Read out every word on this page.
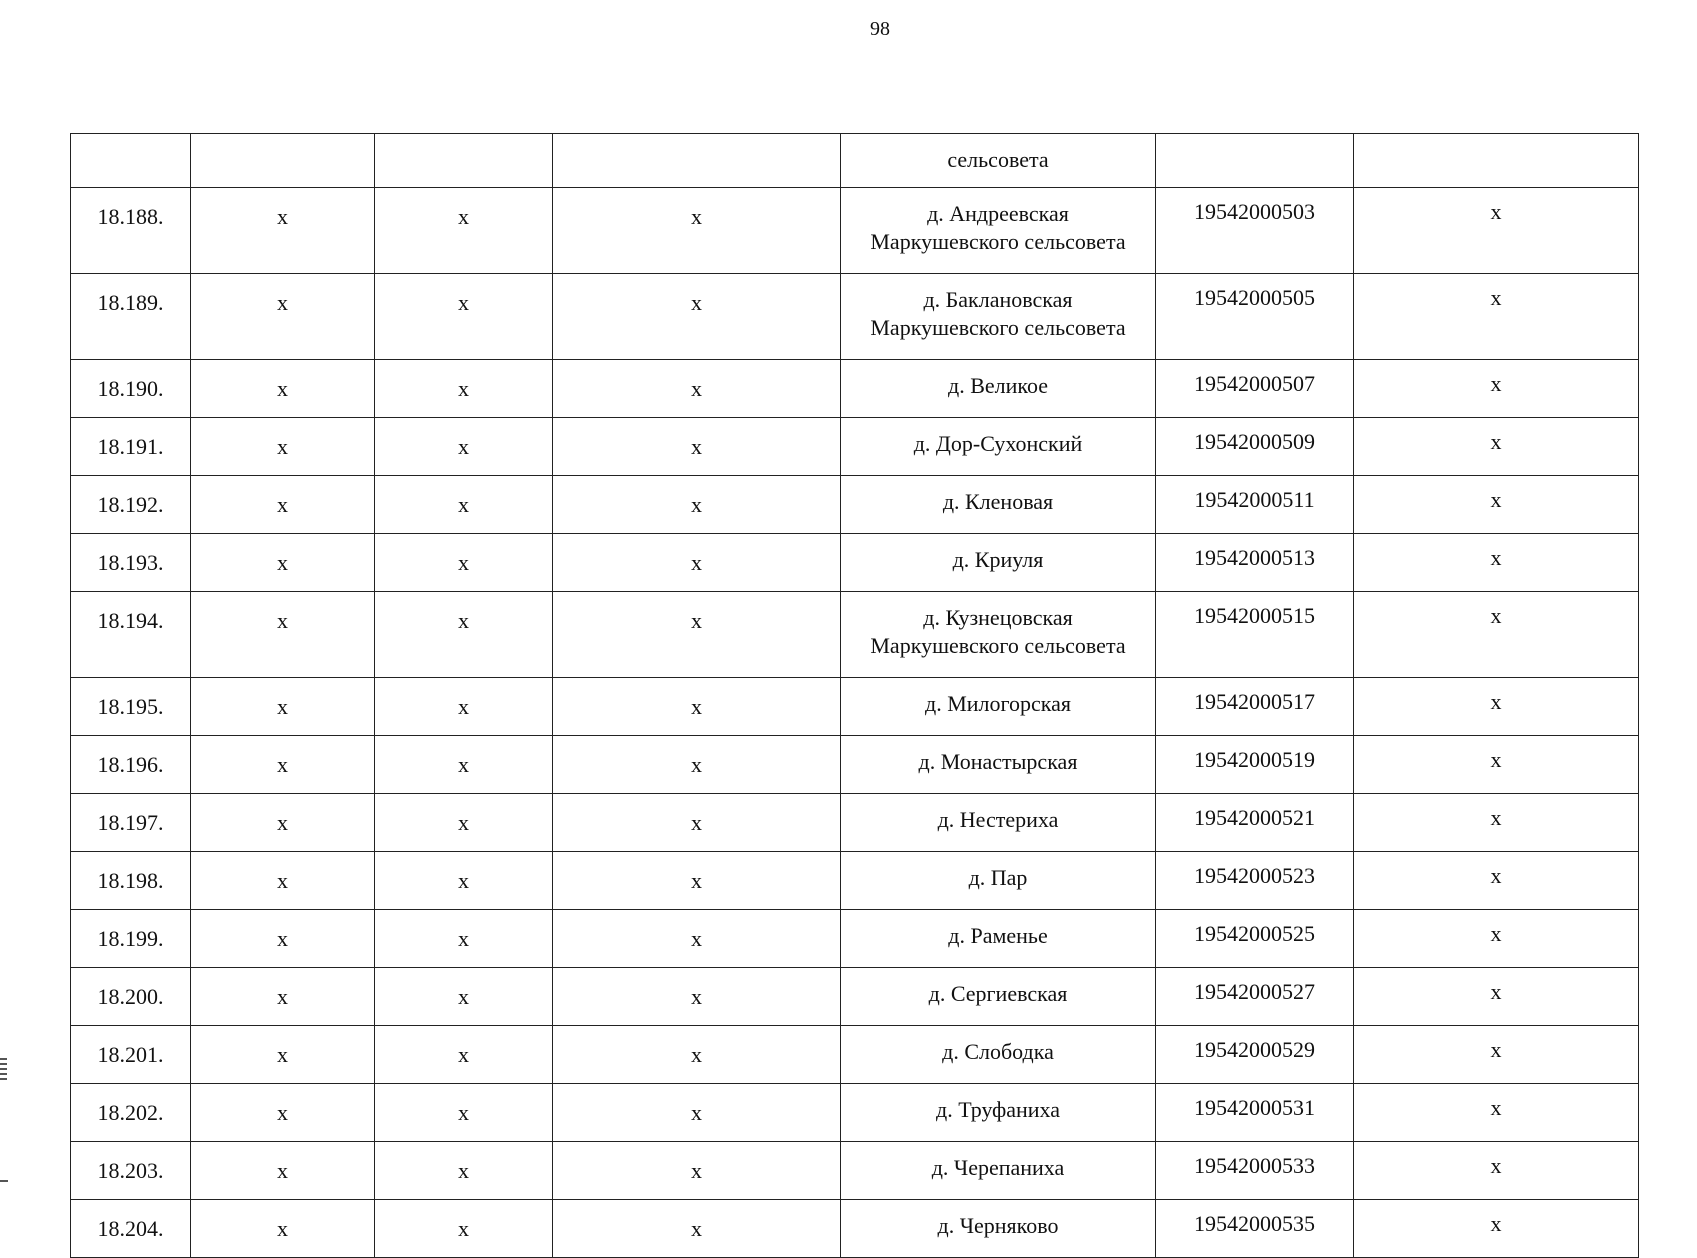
98
				сельсовета		
18.188.	x	x	x	д. Андреевская
Маркушевского сельсовета	19542000503	x
18.189.	x	x	x	д. Баклановская
Маркушевского сельсовета	19542000505	x
18.190.	x	x	x	д. Великое	19542000507	x
18.191.	x	x	x	д. Дор-Сухонский	19542000509	x
18.192.	x	x	x	д. Кленовая	19542000511	x
18.193.	x	x	x	д. Криуля	19542000513	x
18.194.	x	x	x	д. Кузнецовская
Маркушевского сельсовета	19542000515	x
18.195.	x	x	x	д. Милогорская	19542000517	x
18.196.	x	x	x	д. Монастырская	19542000519	x
18.197.	x	x	x	д. Нестериха	19542000521	x
18.198.	x	x	x	д. Пар	19542000523	x
18.199.	x	x	x	д. Раменье	19542000525	x
18.200.	x	x	x	д. Сергиевская	19542000527	x
18.201.	x	x	x	д. Слободка	19542000529	x
18.202.	x	x	x	д. Труфаниха	19542000531	x
18.203.	x	x	x	д. Черепаниха	19542000533	x
18.204.	x	x	x	д. Черняково	19542000535	x
